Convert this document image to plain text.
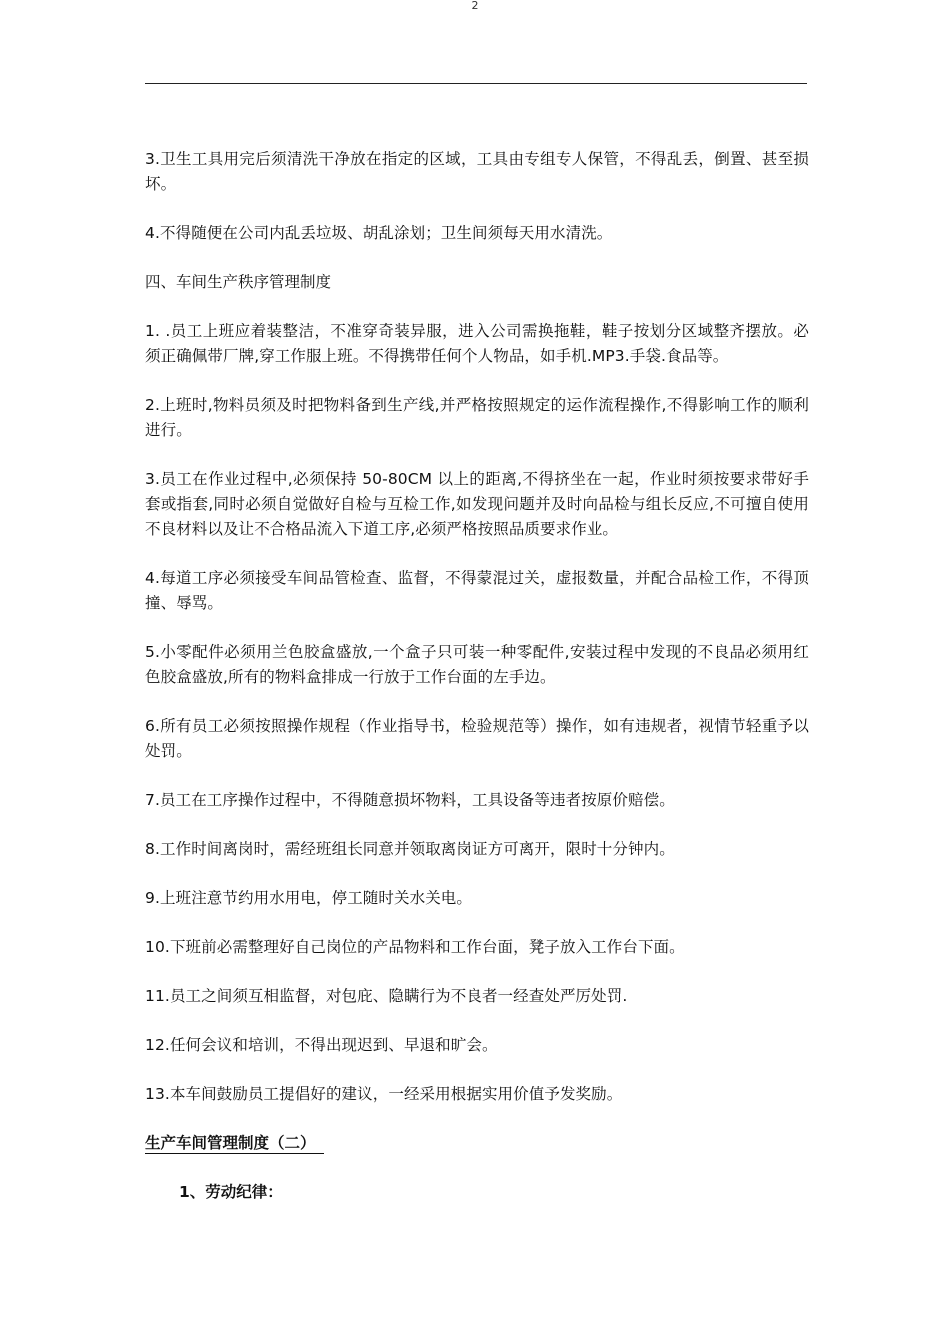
2

3.卫生工具用完后须清洗干净放在指定的区域，工具由专组专人保管，不得乱丢，倒置、甚至损坏。

4.不得随便在公司内乱丢垃圾、胡乱涂划；卫生间须每天用水清洗。

四、车间生产秩序管理制度

1. .员工上班应着装整洁，不准穿奇装异服，进入公司需换拖鞋，鞋子按划分区域整齐摆放。必须正确佩带厂牌,穿工作服上班。不得携带任何个人物品，如手机.MP3.手袋.食品等。

2.上班时,物料员须及时把物料备到生产线,并严格按照规定的运作流程操作,不得影响工作的顺利进行。

3.员工在作业过程中,必须保持 50-80CM 以上的距离,不得挤坐在一起，作业时须按要求带好手套或指套,同时必须自觉做好自检与互检工作,如发现问题并及时向品检与组长反应,不可擅自使用不良材料以及让不合格品流入下道工序,必须严格按照品质要求作业。

4.每道工序必须接受车间品管检查、监督，不得蒙混过关，虚报数量，并配合品检工作，不得顶撞、辱骂。

5.小零配件必须用兰色胶盒盛放,一个盒子只可装一种零配件,安装过程中发现的不良品必须用红色胶盒盛放,所有的物料盒排成一行放于工作台面的左手边。

6.所有员工必须按照操作规程（作业指导书，检验规范等）操作，如有违规者，视情节轻重予以处罚。

7.员工在工序操作过程中，不得随意损坏物料，工具设备等违者按原价赔偿。

8.工作时间离岗时，需经班组长同意并领取离岗证方可离开，限时十分钟内。

9.上班注意节约用水用电，停工随时关水关电。

10.下班前必需整理好自己岗位的产品物料和工作台面，凳子放入工作台下面。

11.员工之间须互相监督，对包庇、隐瞒行为不良者一经查处严厉处罚.

12.任何会议和培训，不得出现迟到、早退和旷会。

13.本车间鼓励员工提倡好的建议，一经采用根据实用价值予发奖励。

生产车间管理制度（二）

1、劳动纪律：
